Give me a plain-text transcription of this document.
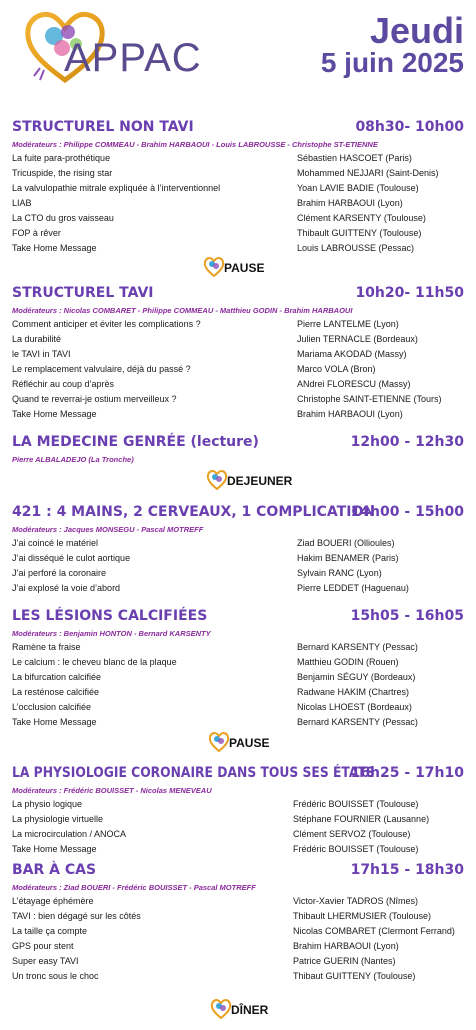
APPAC
Jeudi
5 juin 2025
STRUCTUREL NON TAVI	08h30- 10h00
Modérateurs : Philippe COMMEAU - Brahim HARBAOUI - Louis LABROUSSE - Christophe ST-ETIENNE
La fuite para-prothétique	Sébastien HASCOET (Paris)
Tricuspide, the rising star	Mohammed NEJJARI (Saint-Denis)
La valvulopathie mitrale expliquée à l’interventionnel	Yoan LAVIE BADIE (Toulouse)
LIAB	Brahim HARBAOUI (Lyon)
La CTO du gros vaisseau	Clément KARSENTY (Toulouse)
FOP à rêver	Thibault GUITTENY (Toulouse)
Take Home Message	Louis LABROUSSE (Pessac)
PAUSE
STRUCTUREL TAVI	10h20- 11h50
Modérateurs : Nicolas COMBARET - Philippe COMMEAU - Matthieu GODIN - Brahim HARBAOUI
Comment anticiper et éviter les complications ?	Pierre LANTELME (Lyon)
La durabilité	Julien TERNACLE (Bordeaux)
le TAVI in TAVI	Mariama AKODAD (Massy)
Le remplacement valvulaire, déjà du passé ?	Marco VOLA (Bron)
Réfléchir au coup d’après	ANdrei FLORESCU (Massy)
Quand te reverrai-je ostium merveilleux ?	Christophe SAINT-ETIENNE (Tours)
Take Home Message	Brahim HARBAOUI (Lyon)
LA MEDECINE GENRÉE (lecture)	12h00 - 12h30
Pierre ALBALADEJO (La Tronche)
DEJEUNER
421 : 4 MAINS, 2 CERVEAUX, 1 COMPLICATION
14h00 - 15h00
Modérateurs : Jacques MONSEGU - Pascal MOTREFF
J’ai coincé le matériel	Ziad BOUERI (Ollioules)
J’ai disséqué le culot aortique	Hakim BENAMER (Paris)
J’ai perforé la coronaire	Sylvain RANC (Lyon)
J’ai explosé la voie d’abord	Pierre LEDDET (Haguenau)
LES LÉSIONS CALCIFIÉES	15h05 - 16h05
Modérateurs : Benjamin HONTON - Bernard KARSENTY
Ramène ta fraise	Bernard KARSENTY (Pessac)
Le calcium : le cheveu blanc de la plaque	Matthieu GODIN (Rouen)
La bifurcation calcifiée	Benjamin SÉGUY (Bordeaux)
La resténose calcifiée	Radwane HAKIM (Chartres)
L’occlusion calcifiée	Nicolas LHOEST (Bordeaux)
Take Home Message	Bernard KARSENTY (Pessac)
PAUSE
LA PHYSIOLOGIE CORONAIRE DANS TOUS SES ÉTATS
16h25 - 17h10
Modérateurs : Frédéric BOUISSET - Nicolas MENEVEAU
La physio logique	Frédéric BOUISSET (Toulouse)
La physiologie virtuelle	Stéphane FOURNIER (Lausanne)
La microcirculation / ANOCA	Clément SERVOZ (Toulouse)
Take Home Message	Frédéric BOUISSET (Toulouse)
BAR À CAS	17h15 - 18h30
Modérateurs : Ziad BOUERI - Frédéric BOUISSET - Pascal MOTREFF
L’étayage éphémère	Victor-Xavier TADROS (Nîmes)
TAVI : bien dégagé sur les côtés	Thibault LHERMUSIER (Toulouse)
La taille ça compte	Nicolas COMBARET (Clermont Ferrand)
GPS pour stent	Brahim HARBAOUI (Lyon)
Super easy TAVI	Patrice GUERIN (Nantes)
Un tronc sous le choc	Thibaut GUITTENY (Toulouse)
DÎNER
